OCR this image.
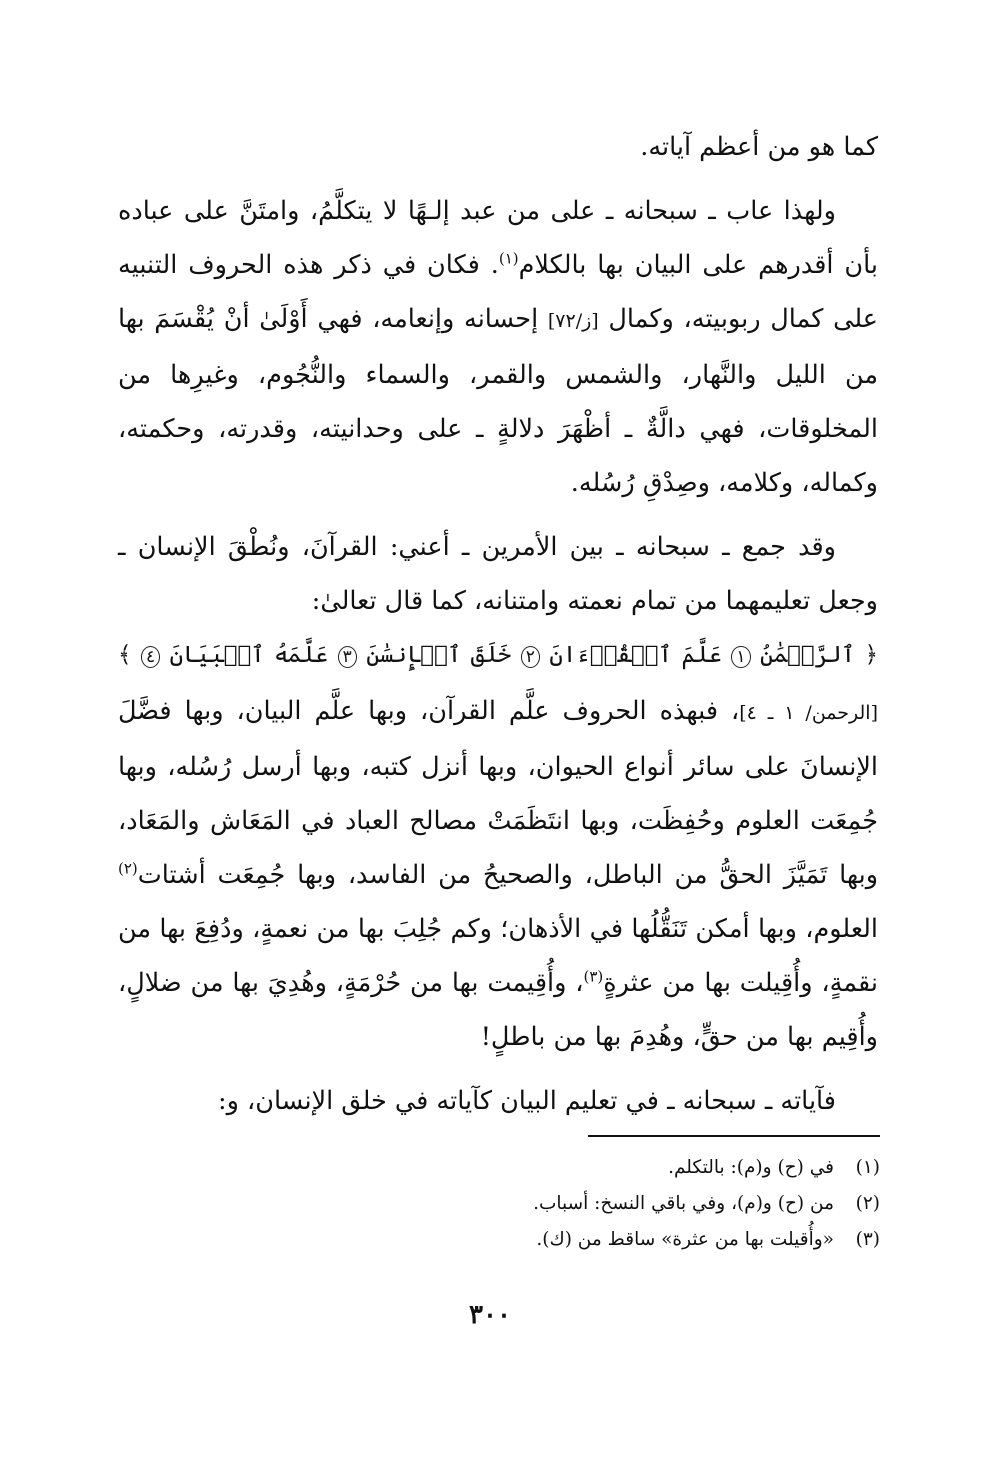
كما هو من أعظم آياته.

ولهذا عاب ـ سبحانه ـ على من عبد إلـهًا لا يتكلَّمُ، وامتَنَّ على عباده بأن أقدرهم على البيان بها بالكلام$^{(١)}$. فكان في ذكر هذه الحروف التنبيه على كمال ربوبيته، وكمال [ز/٧٢] إحسانه وإنعامه، فهي أَوْلَىٰ أنْ يُقْسَمَ بها من الليل والنَّهار، والشمس والقمر، والسماء والنُّجُوم، وغيرِها من المخلوقات، فهي دالَّةٌ ـ أظْهَرَ دلالةٍ ـ على وحدانيته، وقدرته، وحكمته، وكماله، وكلامه، وصِدْقِ رُسُله.

وقد جمع ـ سبحانه ـ بين الأمرين ـ أعني: القرآنَ، ونُطْقَ الإنسان ـ وجعل تعليمهما من تمام نعمته وامتنانه، كما قال تعالىٰ:

﴿ ٱلرَّحۡمَٰنُ ١ عَلَّمَ ٱلۡقُرۡءَانَ ٢ خَلَقَ ٱلۡإِنسَٰنَ ٣ عَلَّمَهُ ٱلۡبَيَانَ ٤ ﴾

[الرحمن/ ١ ـ ٤]، فبهذه الحروف علَّم القرآن، وبها علَّم البيان، وبها فضَّلَ الإنسانَ على سائر أنواع الحيوان، وبها أنزل كتبه، وبها أرسل رُسُله، وبها جُمِعَت العلوم وحُفِظَت، وبها انتَظَمَتْ مصالح العباد في المَعَاش والمَعَاد، وبها تَمَيَّزَ الحقُّ من الباطل، والصحيحُ من الفاسد، وبها جُمِعَت أشتات$^{(٢)}$ العلوم، وبها أمكن تَنَقُّلُها في الأذهان؛ وكم جُلِبَ بها من نعمةٍ، ودُفِعَ بها من نقمةٍ، وأُقِيلت بها من عثرةٍ$^{(٣)}$، وأُقِيمت بها من حُرْمَةٍ، وهُدِيَ بها من ضلالٍ، وأُقِيم بها من حقٍّ، وهُدِمَ بها من باطلٍ!

فآياته ـ سبحانه ـ في تعليم البيان كآياته في خلق الإنسان، و:

(١)
في (ح) و(م): بالتكلم.
(٢)
من (ح) و(م)، وفي باقي النسخ: أسباب.
(٣)
«وأُقيلت بها من عثرة» ساقط من (ك).
٣٠٠
